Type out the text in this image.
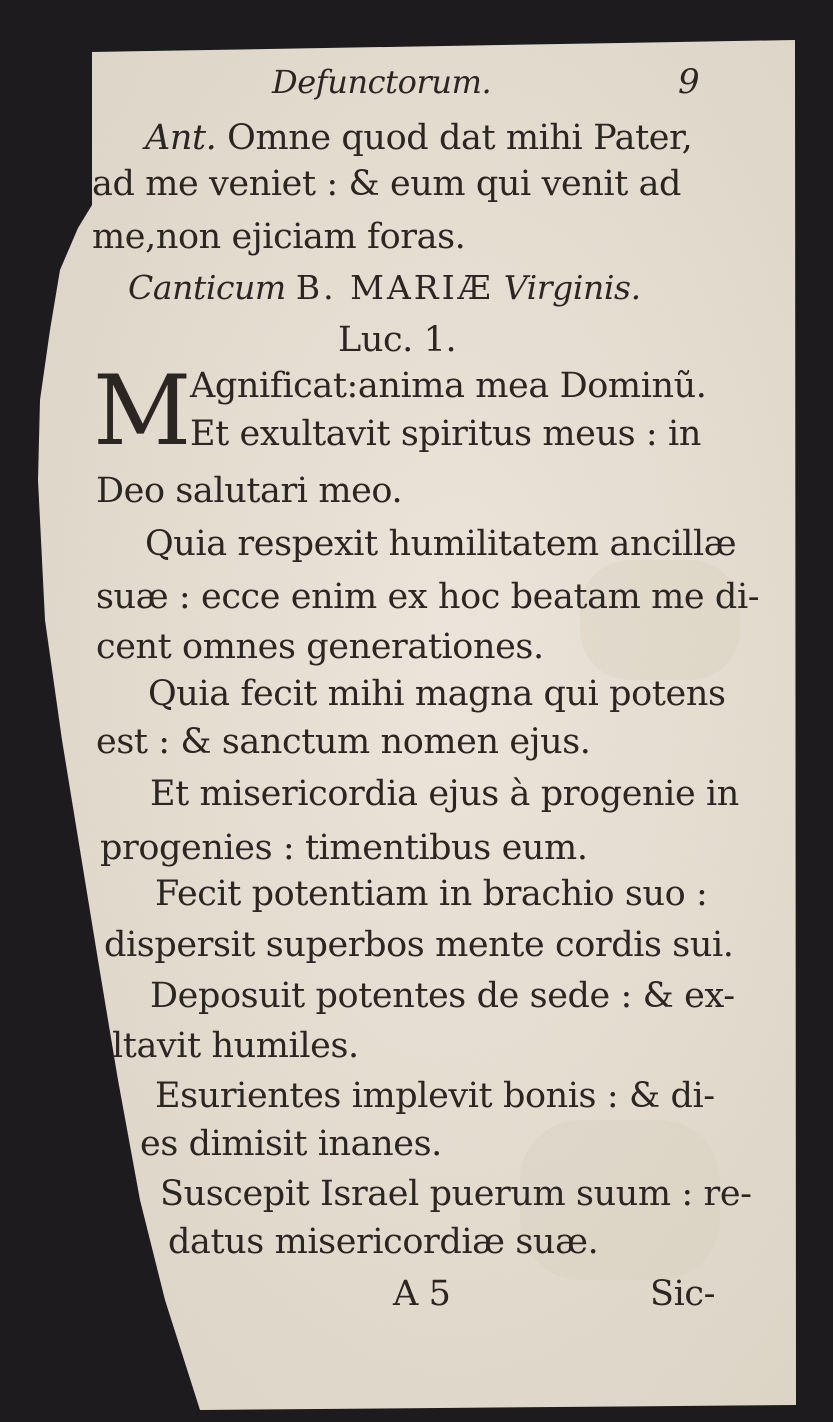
Defunctorum.	9
Ant. Omne quod dat mihi Pater,
ad me veniet : & eum qui venit ad
me,non ejiciam foras.
Canticum B. MARIÆ Virginis.
Luc. 1.
M
Agnificat:anima mea Dominũ.
Et exultavit spiritus meus : in
Deo salutari meo.
Quia respexit humilitatem ancillæ
suæ : ecce enim ex hoc beatam me di-
cent omnes generationes.
Quia fecit mihi magna qui potens
est : & sanctum nomen ejus.
Et misericordia ejus à progenie in
progenies : timentibus eum.
Fecit potentiam in brachio suo :
dispersit superbos mente cordis sui.
Deposuit potentes de sede : & ex-
ltavit humiles.
Esurientes implevit bonis : & di-
es dimisit inanes.
Suscepit Israel puerum suum : re-
datus misericordiæ suæ.
A 5	Sic-
